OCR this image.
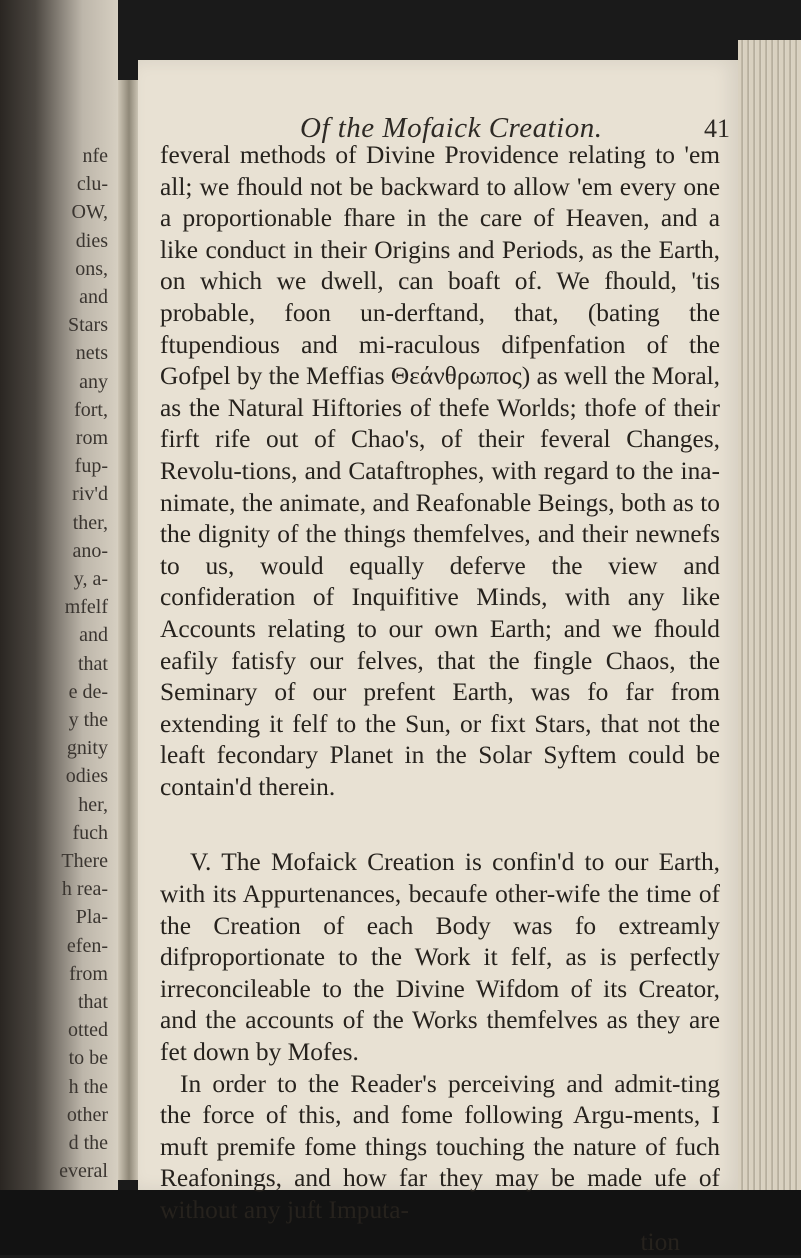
nfe
clu-
OW,
dies
ons,
and
Stars
nets
any
fort,
rom
fup-
riv'd
ther,
ano-
y, a-
mfelf
and
that
e de-
y the
gnity
odies
her,
fuch
There
h rea-
Pla-
efen-
from
that
otted
to be
h the
other
d the
everal
Of the Mofaick Creation.	41

feveral methods of Divine Providence relating to 'em all; we fhould not be backward to allow 'em every one a proportionable fhare in the care of Heaven, and a like conduct in their Origins and Periods, as the Earth, on which we dwell, can boaft of. We fhould, 'tis probable, foon un-derftand, that, (bating the ftupendious and mi-raculous difpenfation of the Gofpel by the Meffias Θεάνθρωπος) as well the Moral, as the Natural Hiftories of thefe Worlds; thofe of their firft rife out of Chao's, of their feveral Changes, Revolu-tions, and Cataftrophes, with regard to the ina-nimate, the animate, and Reafonable Beings, both as to the dignity of the things themfelves, and their newnefs to us, would equally deferve the view and confideration of Inquifitive Minds, with any like Accounts relating to our own Earth; and we fhould eafily fatisfy our felves, that the fingle Chaos, the Seminary of our prefent Earth, was fo far from extending it felf to the Sun, or fixt Stars, that not the leaft fecondary Planet in the Solar Syftem could be contain'd therein.

V. The Mofaick Creation is confin'd to our Earth, with its Appurtenances, becaufe other-wife the time of the Creation of each Body was fo extreamly difproportionate to the Work it felf, as is perfectly irreconcileable to the Divine Wifdom of its Creator, and the accounts of the Works themfelves as they are fet down by Mofes.

In order to the Reader's perceiving and admit-ting the force of this, and fome following Argu-ments, I muft premife fome things touching the nature of fuch Reafonings, and how far they may be made ufe of without any juft Imputa-

tion
